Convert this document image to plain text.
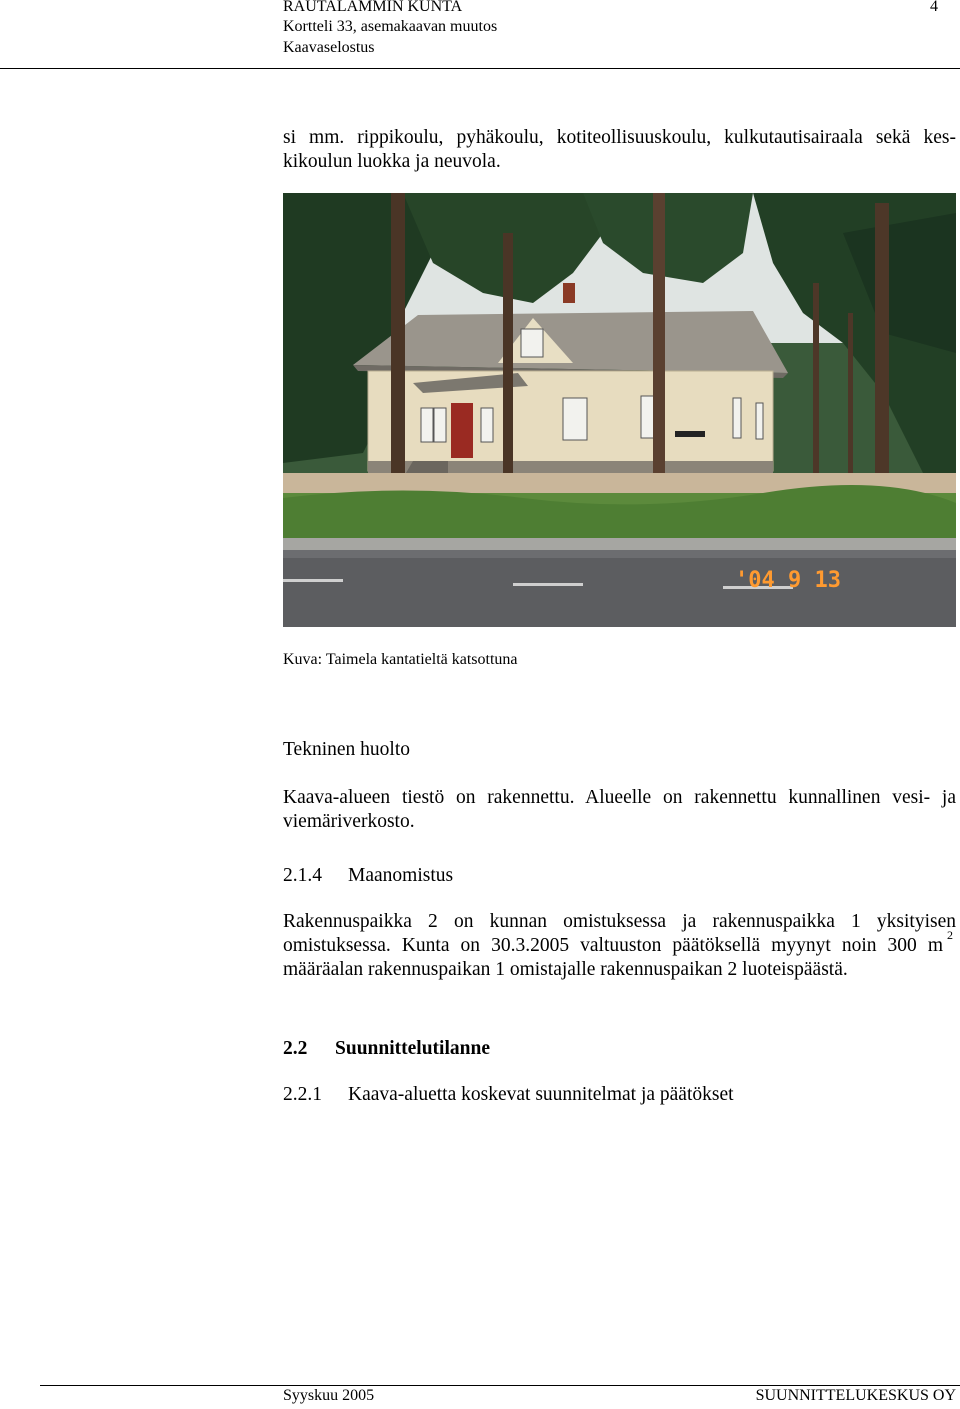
RAUTALAMMIN KUNTA
Kortteli 33, asemakaavan muutos
Kaavaselostus
4
si mm. rippikoulu, pyhäkoulu, kotiteollisuuskoulu, kulkutautisairaala sekä kes-
kikoulun luokka ja neuvola.
'04 9 13
Kuva: Taimela kantatieltä katsottuna
Tekninen huolto
Kaava-alueen tiestö on rakennettu. Alueelle on rakennettu kunnallinen vesi- ja
viemäriverkosto.
2.1.4 Maanomistus
Rakennuspaikka 2 on kunnan omistuksessa ja rakennuspaikka 1 yksityisen
omistuksessa. Kunta on 30.3.2005 valtuuston päätöksellä myynyt noin 300 m 2
määräalan rakennuspaikan 1 omistajalle rakennuspaikan 2 luoteispäästä.
2.2 Suunnittelutilanne
2.2.1 Kaava-aluetta koskevat suunnitelmat ja päätökset
Syyskuu 2005	SUUNNITTELUKESKUS OY
